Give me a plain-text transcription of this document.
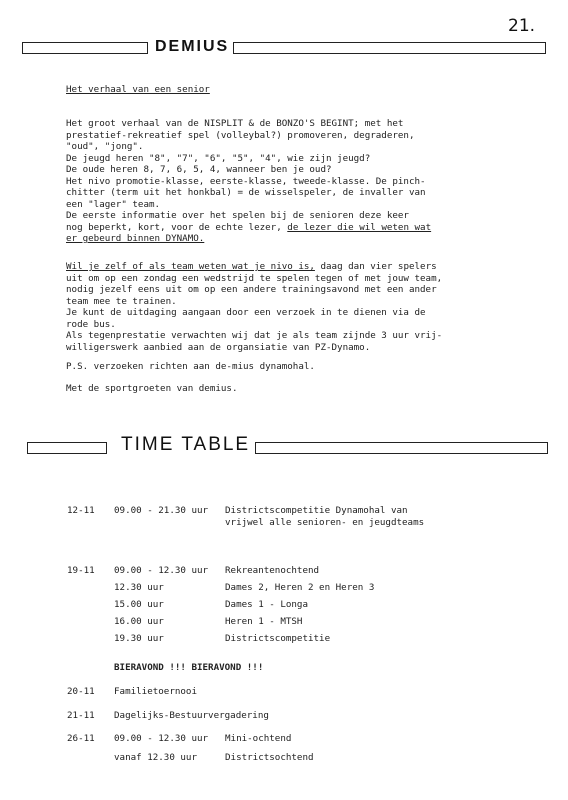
21.
DEMIUS
Het verhaal van een senior
Het groot verhaal van de NISPLIT & de BONZO'S BEGINT; met het
prestatief-rekreatief spel (volleybal?) promoveren, degraderen,
"oud", "jong".
De jeugd heren "8", "7", "6", "5", "4", wie zijn jeugd?
De oude heren 8, 7, 6, 5, 4, wanneer ben je oud?
Het nivo promotie-klasse, eerste-klasse, tweede-klasse. De pinch-
chitter (term uit het honkbal) = de wisselspeler, de invaller van
een "lager" team.
De eerste informatie over het spelen bij de senioren deze keer
nog beperkt, kort, voor de echte lezer, de lezer die wil weten wat
er gebeurd binnen DYNAMO.
Wil je zelf of als team weten wat je nivo is, daag dan vier spelers
uit om op een zondag een wedstrijd te spelen tegen of met jouw team,
nodig jezelf eens uit om op een andere trainingsavond met een ander
team mee te trainen.
Je kunt de uitdaging aangaan door een verzoek in te dienen via de
rode bus.
Als tegenprestatie verwachten wij dat je als team zijnde 3 uur vrij-
willigerswerk aanbied aan de organsiatie van PZ-Dynamo.
P.S. verzoeken richten aan de-mius dynamohal.
Met de sportgroeten van demius.
TIME TABLE
12-11 09.00 - 21.30 uur Districtscompetitie Dynamohal van
vrijwel alle senioren- en jeugdteams
19-11 09.00 - 12.30 uur Rekreantenochtend
12.30 uur	Dames 2, Heren 2 en Heren 3
15.00 uur	Dames 1 - Longa
16.00 uur	Heren 1 - MTSH
19.30 uur	Districtscompetitie
BIERAVOND !!! BIERAVOND !!!
20-11 Familietoernooi
21-11 Dagelijks-Bestuurvergadering
26-11 09.00 - 12.30 uur Mini-ochtend
vanaf 12.30 uur	Districtsochtend
